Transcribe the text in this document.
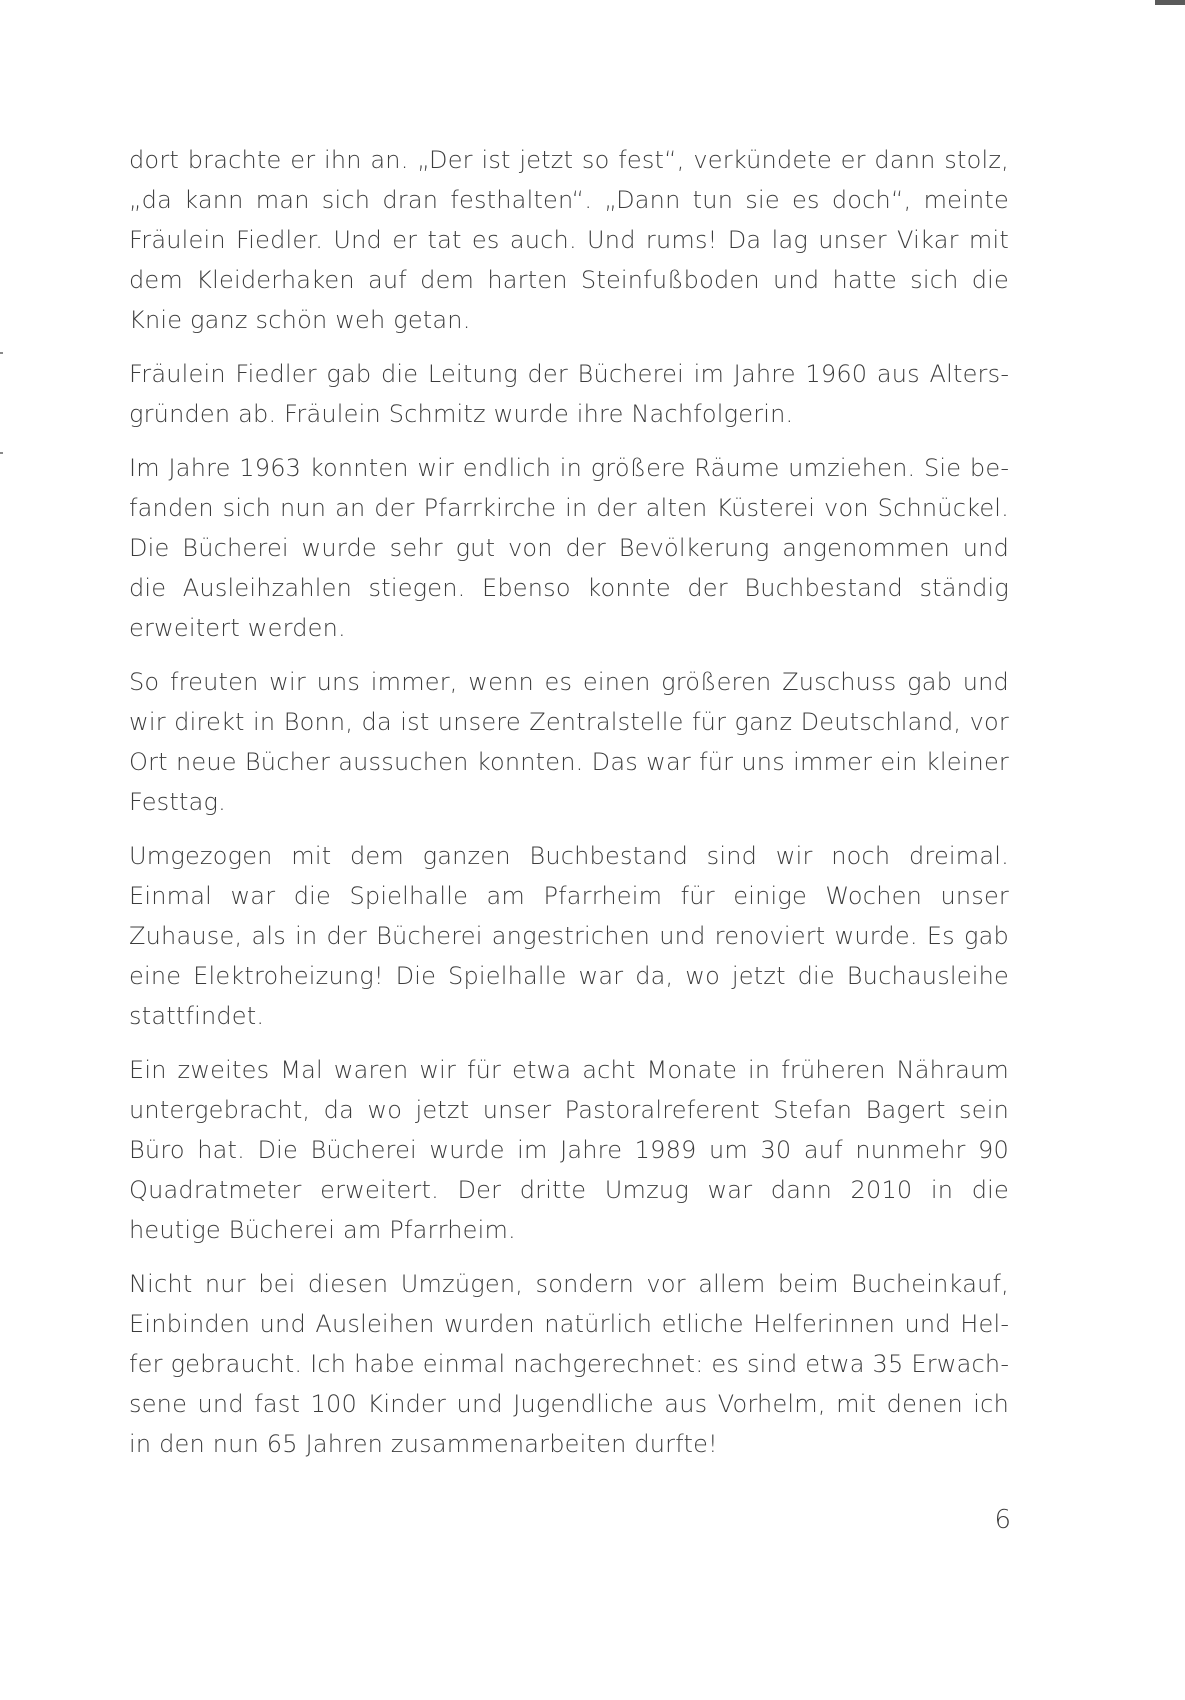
dort brachte er ihn an. „Der ist jetzt so fest“, verkündete er dann stolz, „da kann man sich dran festhalten“. „Dann tun sie es doch“, meinte Fräulein Fiedler. Und er tat es auch. Und rums! Da lag unser Vikar mit dem Kleiderhaken auf dem harten Steinfußboden und hatte sich die Knie ganz schön weh getan.

Fräulein Fiedler gab die Leitung der Bücherei im Jahre 1960 aus Altersgründen ab. Fräulein Schmitz wurde ihre Nachfolgerin.

Im Jahre 1963 konnten wir endlich in größere Räume umziehen. Sie befanden sich nun an der Pfarrkirche in der alten Küsterei von Schnückel. Die Bücherei wurde sehr gut von der Bevölkerung angenommen und die Ausleihzahlen stiegen. Ebenso konnte der Buchbestand ständig erweitert werden.

So freuten wir uns immer, wenn es einen größeren Zuschuss gab und wir direkt in Bonn, da ist unsere Zentralstelle für ganz Deutschland, vor Ort neue Bücher aussuchen konnten. Das war für uns immer ein kleiner Festtag.

Umgezogen mit dem ganzen Buchbestand sind wir noch dreimal. Einmal war die Spielhalle am Pfarrheim für einige Wochen unser Zuhause, als in der Bücherei angestrichen und renoviert wurde. Es gab eine Elektroheizung! Die Spielhalle war da, wo jetzt die Buchausleihe stattfindet.

Ein zweites Mal waren wir für etwa acht Monate in früheren Nähraum untergebracht, da wo jetzt unser Pastoralreferent Stefan Bagert sein Büro hat. Die Bücherei wurde im Jahre 1989 um 30 auf nunmehr 90 Quadratmeter erweitert. Der dritte Umzug war dann 2010 in die heutige Bücherei am Pfarrheim.

Nicht nur bei diesen Umzügen, sondern vor allem beim Bucheinkauf, Einbinden und Ausleihen wurden natürlich etliche Helferinnen und Helfer gebraucht. Ich habe einmal nachgerechnet: es sind etwa 35 Erwachsene und fast 100 Kinder und Jugendliche aus Vorhelm, mit denen ich in den nun 65 Jahren zusammenarbeiten durfte!

6
